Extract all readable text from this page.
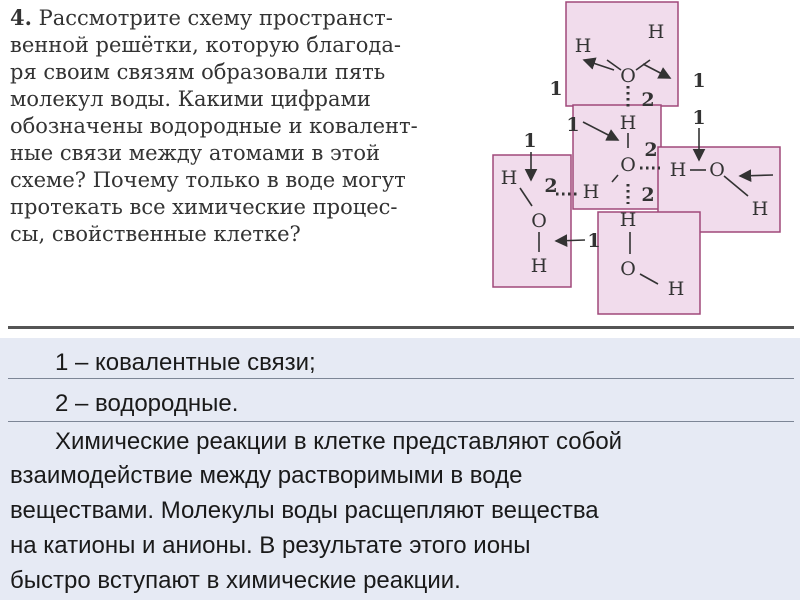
4. Рассмотрите схему пространст-
венной решётки, которую благода-
ря своим связям образовали пять
молекул воды. Какими цифрами
обозначены водородные и ковалент-
ные связи между атомами в этой
схеме? Почему только в воде могут
протекать все химические процес-
сы, свойственные клетке?
H
H
O
H
O
H
H
O
H
H O
H
H
O
H
1	1
2
1	1
2
1
2	2
1
1 – ковалентные связи;
2 – водородные.
Химические реакции в клетке представляют собой
взаимодействие между растворимыми в воде
веществами. Молекулы воды расщепляют вещества
на катионы и анионы. В результате этого ионы
быстро вступают в химические реакции.
